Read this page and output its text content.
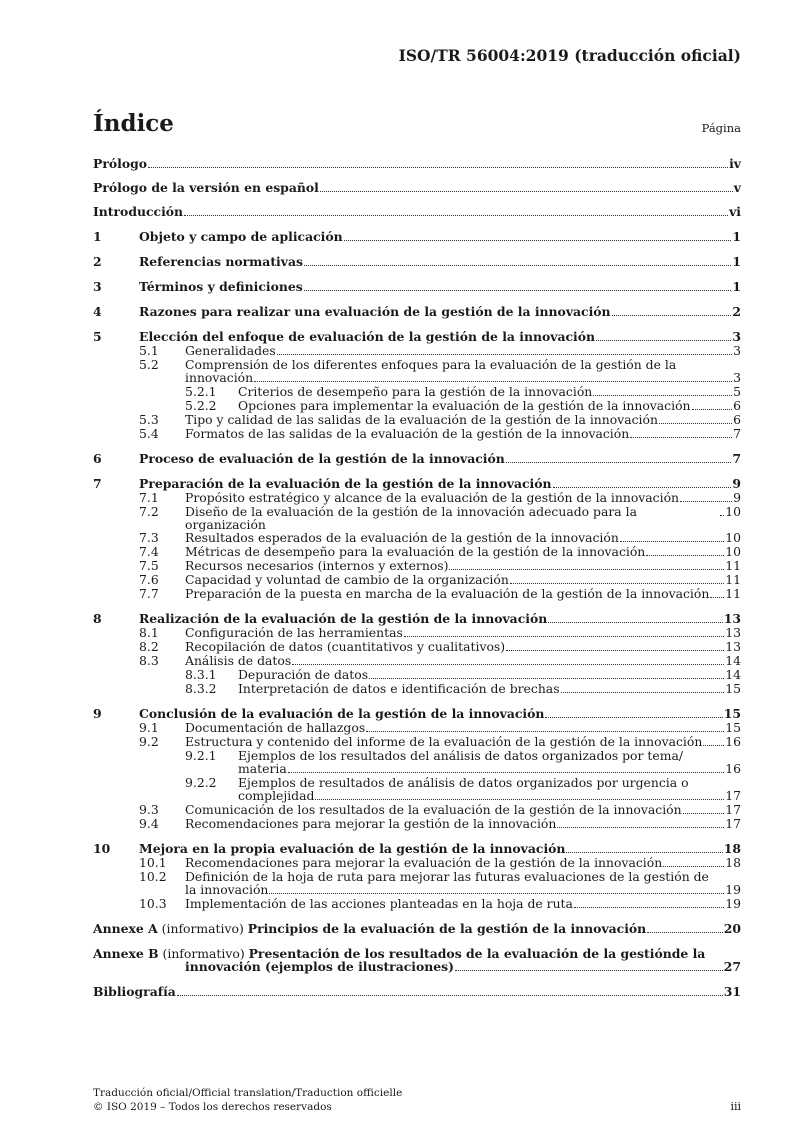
ISO/TR 56004:2019 (traducción oficial)
Índice	Página
Prólogo	iv
Prólogo de la versión en español	v
Introducción	vi
1	Objeto y campo de aplicación	1
2	Referencias normativas	1
3	Términos y definiciones	1
4	Razones para realizar una evaluación de la gestión de la innovación	2
5	Elección del enfoque de evaluación de la gestión de la innovación	3
5.1 Generalidades	3
5.2 Comprensión de los diferentes enfoques para la evaluación de la gestión de la
innovación	3
5.2.1 Criterios de desempeño para la gestión de la innovación	5
5.2.2 Opciones para implementar la evaluación de la gestión de la innovación	6
5.3 Tipo y calidad de las salidas de la evaluación de la gestión de la innovación	6
5.4 Formatos de las salidas de la evaluación de la gestión de la innovación	7
6	Proceso de evaluación de la gestión de la innovación	7
7	Preparación de la evaluación de la gestión de la innovación	9
7.1 Propósito estratégico y alcance de la evaluación de la gestión de la innovación	9
7.2 Diseño de la evaluación de la gestión de la innovación adecuado para la organización
10
7.3 Resultados esperados de la evaluación de la gestión de la innovación	10
7.4 Métricas de desempeño para la evaluación de la gestión de la innovación	10
7.5 Recursos necesarios (internos y externos)	11
7.6 Capacidad y voluntad de cambio de la organización	11
7.7 Preparación de la puesta en marcha de la evaluación de la gestión de la innovación 11
8	Realización de la evaluación de la gestión de la innovación	13
8.1 Configuración de las herramientas	13
8.2 Recopilación de datos (cuantitativos y cualitativos)	13
8.3 Análisis de datos	14
8.3.1 Depuración de datos	14
8.3.2 Interpretación de datos e identificación de brechas	15
9	Conclusión de la evaluación de la gestión de la innovación	15
9.1 Documentación de hallazgos	15
9.2 Estructura y contenido del informe de la evaluación de la gestión de la innovación 16
9.2.1 Ejemplos de los resultados del análisis de datos organizados por tema/
materia	16
9.2.2 Ejemplos de resultados de análisis de datos organizados por urgencia o
complejidad	17
9.3 Comunicación de los resultados de la evaluación de la gestión de la innovación	17
9.4 Recomendaciones para mejorar la gestión de la innovación	17
10	Mejora en la propia evaluación de la gestión de la innovación	18
10.1 Recomendaciones para mejorar la evaluación de la gestión de la innovación	18
10.2 Definición de la hoja de ruta para mejorar las futuras evaluaciones de la gestión de
la innovación	19
10.3 Implementación de las acciones planteadas en la hoja de ruta	19
Annexe A (informativo) Principios de la evaluación de la gestión de la innovación	20
Annexe B (informativo) Presentación de los resultados de la evaluación de la gestiónde la
innovación (ejemplos de ilustraciones)	27
Bibliografía	31
Traducción oficial/Official translation/Traduction officielle
© ISO 2019 – Todos los derechos reservados	iii
